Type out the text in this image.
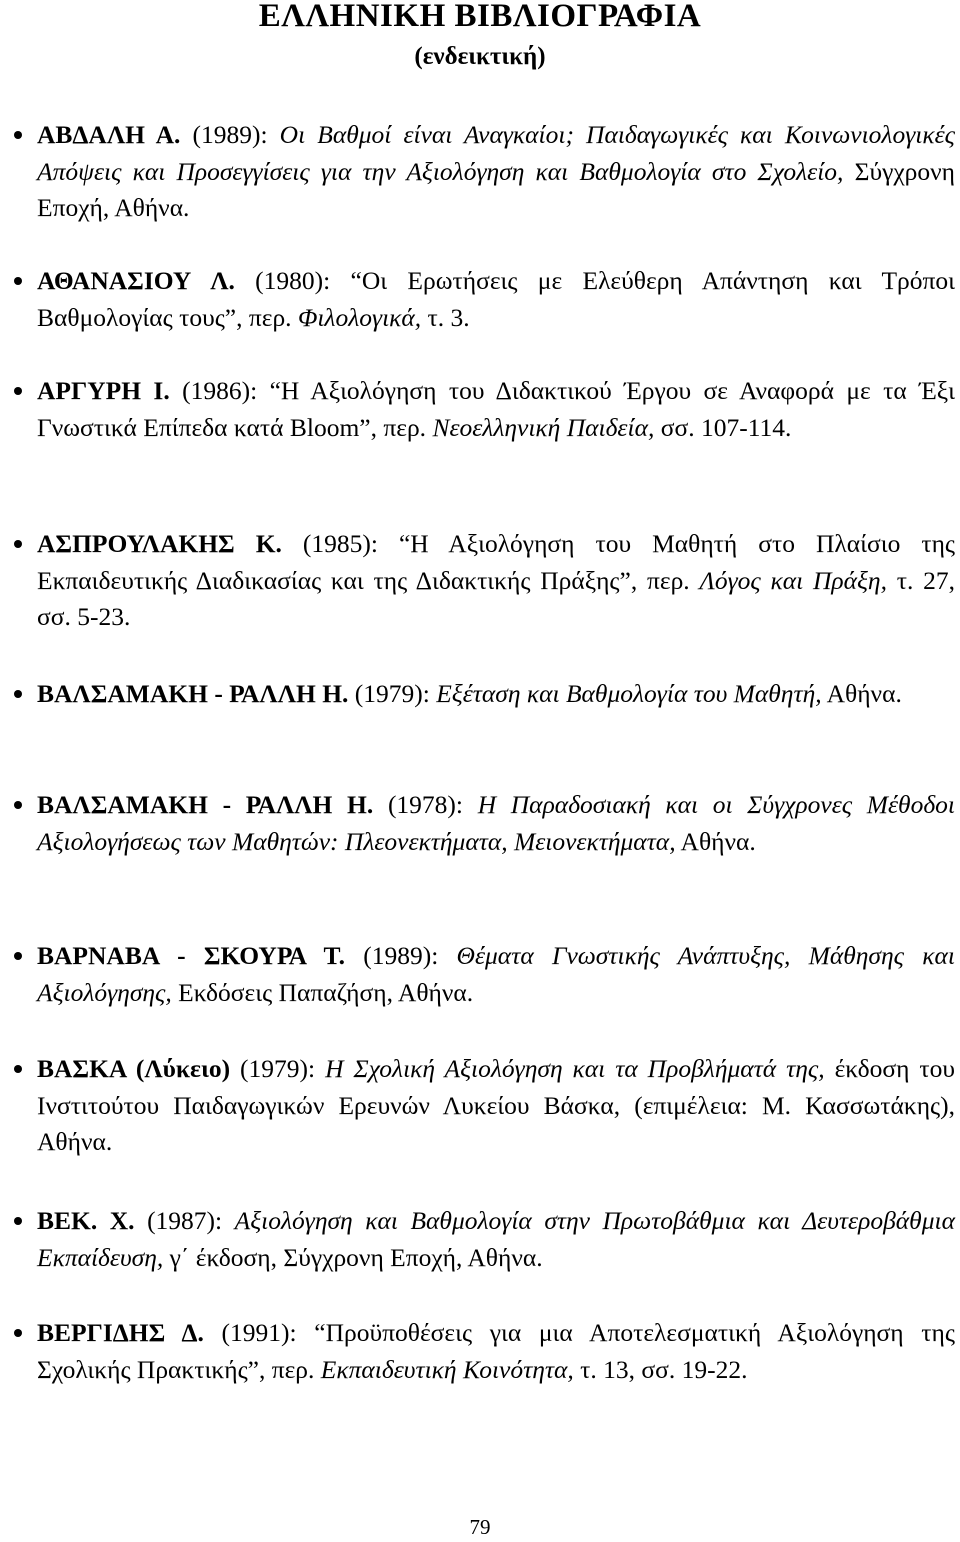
ΕΛΛΗΝΙΚΗ ΒΙΒΛΙΟΓΡΑΦΙΑ
(ενδεικτική)
ΑΒΔΑΛΗ Α. (1989): Οι Βαθμοί είναι Αναγκαίοι; Παιδαγωγικές και Κοινωνιολογικές Απόψεις και Προσεγγίσεις για την Αξιολόγηση και Βαθμολογία στο Σχολείο, Σύγχρονη Εποχή, Αθήνα.
ΑΘΑΝΑΣΙΟΥ Λ. (1980): “Οι Ερωτήσεις με Ελεύθερη Απάντηση και Τρόποι Βαθμολογίας τους”, περ. Φιλολογικά, τ. 3.
ΑΡΓΥΡΗ Ι. (1986): “Η Αξιολόγηση του Διδακτικού Έργου σε Αναφορά με τα Έξι Γνωστικά Επίπεδα κατά Bloom”, περ. Νεοελληνική Παιδεία, σσ. 107-114.
ΑΣΠΡΟΥΛΑΚΗΣ Κ. (1985): “Η Αξιολόγηση του Μαθητή στο Πλαίσιο της Εκπαιδευτικής Διαδικασίας και της Διδακτικής Πράξης”, περ. Λόγος και Πράξη, τ. 27, σσ. 5-23.
ΒΑΛΣΑΜΑΚΗ - ΡΑΛΛΗ Η. (1979): Εξέταση και Βαθμολογία του Μαθητή, Αθήνα.
ΒΑΛΣΑΜΑΚΗ - ΡΑΛΛΗ Η. (1978): Η Παραδοσιακή και οι Σύγχρονες Μέθοδοι Αξιολογήσεως των Μαθητών: Πλεονεκτήματα, Μειονεκτήματα, Αθήνα.
ΒΑΡΝΑΒΑ - ΣΚΟΥΡΑ Τ. (1989): Θέματα Γνωστικής Ανάπτυξης, Μάθησης και Αξιολόγησης, Εκδόσεις Παπαζήση, Αθήνα.
ΒΑΣΚΑ (Λύκειο) (1979): Η Σχολική Αξιολόγηση και τα Προβλήματά της, έκδοση του Ινστιτούτου Παιδαγωγικών Ερευνών Λυκείου Βάσκα, (επιμέλεια: Μ. Κασσωτάκης), Αθήνα.
ΒΕΚ. Χ. (1987): Αξιολόγηση και Βαθμολογία στην Πρωτοβάθμια και Δευτεροβάθμια Εκπαίδευση, γ΄ έκδοση, Σύγχρονη Εποχή, Αθήνα.
ΒΕΡΓΙΔΗΣ Δ. (1991): “Προϋποθέσεις για μια Αποτελεσματική Αξιολόγηση της Σχολικής Πρακτικής”, περ. Εκπαιδευτική Κοινότητα, τ. 13, σσ. 19-22.
79
